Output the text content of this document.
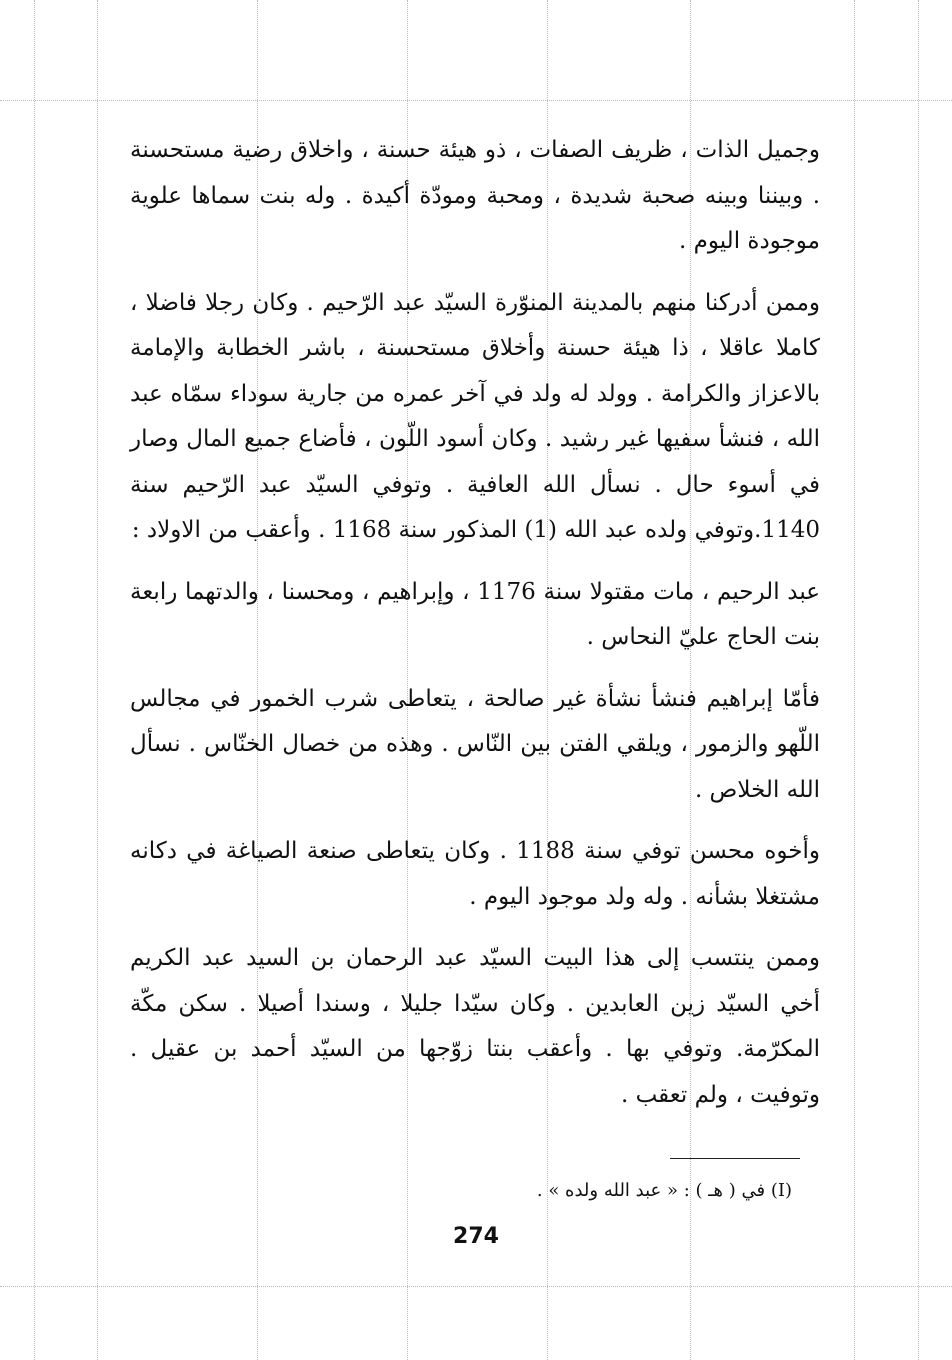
وجميل الذات ، ظريف الصفات ، ذو هيئة حسنة ، واخلاق رضية مستحسنة . وبيننا وبينه صحبة شديدة ، ومحبة ومودّة أكيدة . وله بنت سماها علوية موجودة اليوم .

وممن أدركنا منهم بالمدينة المنوّرة السيّد عبد الرّحيم . وكان رجلا فاضلا ، كاملا عاقلا ، ذا هيئة حسنة وأخلاق مستحسنة ، باشر الخطابة والإمامة بالاعزاز والكرامة . وولد له ولد في آخر عمره من جارية سوداء سمّاه عبد الله ، فنشأ سفيها غير رشيد . وكان أسود اللّون ، فأضاع جميع المال وصار في أسوء حال . نسأل الله العافية . وتوفي السيّد عبد الرّحيم سنة 1140.وتوفي ولده عبد الله (1) المذكور سنة 1168 . وأعقب من الاولاد :

عبد الرحيم ، مات مقتولا سنة 1176 ، وإبراهيم ، ومحسنا ، والدتهما رابعة بنت الحاج عليّ النحاس .

فأمّا إبراهيم فنشأ نشأة غير صالحة ، يتعاطى شرب الخمور في مجالس اللّهو والزمور ، ويلقي الفتن بين النّاس . وهذه من خصال الخنّاس . نسأل الله الخلاص .

وأخوه محسن توفي سنة 1188 . وكان يتعاطى صنعة الصياغة في دكانه مشتغلا بشأنه . وله ولد موجود اليوم .

وممن ينتسب إلى هذا البيت السيّد عبد الرحمان بن السيد عبد الكريم أخي السيّد زين العابدين . وكان سيّدا جليلا ، وسندا أصيلا . سكن مكّة المكرّمة. وتوفي بها . وأعقب بنتا زوّجها من السيّد أحمد بن عقيل . وتوفيت ، ولم تعقب .

(I) في ( هـ ) : « عبد الله ولده » .
274
